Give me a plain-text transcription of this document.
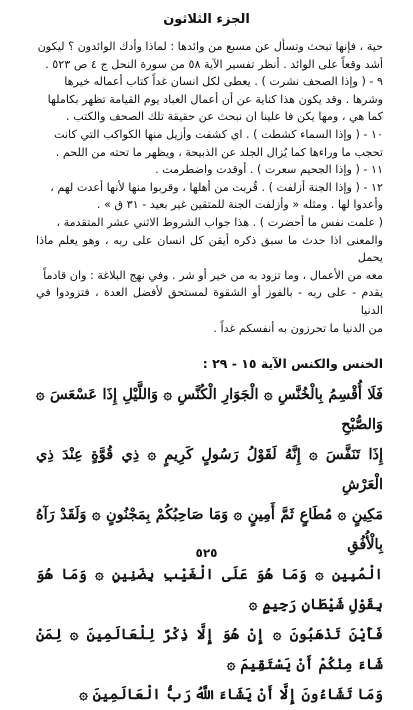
الجزء الثلاثون

حية ، فإنها تبحث وتسأل عن مسبع من وائدها : لماذا وأدك الوائدون ؟ ليكون

أشد وقعاً على الوائد . أنظر تفسير الآية ٥٨ من سورة النحل ج ٤ ص ٥٢٣ .

٩ - ( وإذا الصحف نشرت ) . يعطى لكل انسان غداً كتاب أعماله خيرها

وشرها . وقد يكون هذا كناية عن أن أعمال العباد يوم القيامة تظهر بكاملها

كما هي ، ومها يكن فا علينا ان نبحث عن حقيقة تلك الصحف والكتب .

١٠ - ( وإذا السماء كشطت ) . اي كشفت وأزيل منها الكواكب التي كانت

تحجب ما وراءها كما يُزال الجلد عن الذبيحة ، ويظهر ما تحته من اللحم .

١١ - ( وإذا الجحيم سعرت ) . أوقدت واضطرمت .

١٢ - ( وإذا الجنة أزلفت ) . قُربت من أهلها ، وقربوا منها لأنها أعدت لهم ،

وأعدوا لها . ومثله « وأزلفت الجنة للمتقين غير بعيد - ٣١ ق » .

( علمت نفس ما أحضرت ) . هذا جواب الشروط الاثني عشر المتقدمة ،

والمعنى اذا حدث ما سبق ذكره أيقن كل انسان على ربه ، وهو يعلم ماذا يحمل

معه من الأعمال ، وما تزود به من خير أو شر . وفي نهج البلاغة : وان قادماً

يقدم - على ربه - بالفوز أو الشقوة لمستحق لأفضل العدة ، فتزودوا في الدنيا

من الدنيا ما تحرزون به أنفسكم غداً .

الخنس والكنس الآية ١٥ - ٢٩ :

فَلَا أُقْسِمُ بِالْخُنَّسِ ۞ الْجَوَارِ الْكُنَّسِ ۞ وَاللَّيْلِ إِذَا عَسْعَسَ ۞ وَالصُّبْحِ

إِذَا تَنَفَّسَ ۞ إِنَّهُ لَقَوْلُ رَسُولٍ كَرِيمٍ ۞ ذِي قُوَّةٍ عِنْدَ ذِي الْعَرْشِ

مَكِينٍ ۞ مُطَاعٍ ثَمَّ أَمِينٍ ۞ وَمَا صَاحِبُكُمْ بِمَجْنُونٍ ۞ وَلَقَدْ رَآهُ بِالْأُفُقِ

الْمُبِينِ ۞ وَمَا هُوَ عَلَى الْغَيْبِ بِضَنِينٍ ۞ وَمَا هُوَ بِقَوْلِ شَيْطَانٍ رَجِيمٍ ۞

فَأَيْنَ تَذْهَبُونَ ۞ إِنْ هُوَ إِلَّا ذِكْرٌ لِلْعَالَمِينَ ۞ لِمَنْ شَاءَ مِنْكُمْ أَنْ يَسْتَقِيمَ ۞

وَمَا تَشَاءُونَ إِلَّا أَنْ يَشَاءَ اللَّهُ رَبُّ الْعَالَمِينَ ۞

٥٢٥
